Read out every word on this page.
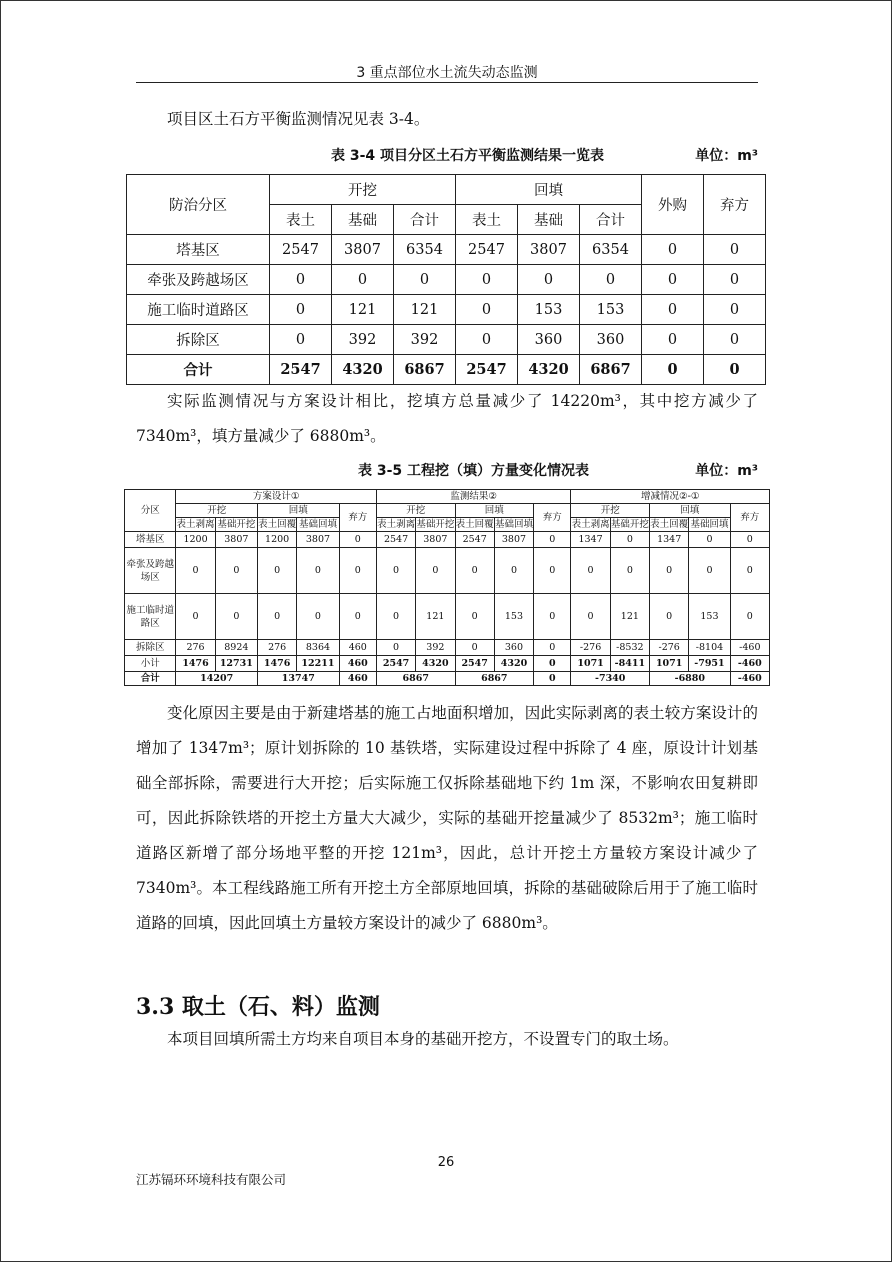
3 重点部位水土流失动态监测
项目区土石方平衡监测情况见表 3-4。
表 3-4 项目分区土石方平衡监测结果一览表	单位：m³
防治分区	开挖			回填			外购	弃方
	表土	基础	合计	表土	基础	合计		
塔基区	2547	3807	6354	2547	3807	6354	0	0
牵张及跨越场区	0	0	0	0	0	0	0	0
施工临时道路区	0	121	121	0	153	153	0	0
拆除区	0	392	392	0	360	360	0	0
合计	2547	4320	6867	2547	4320	6867	0	0
实际监测情况与方案设计相比，挖填方总量减少了 14220m³，其中挖方减少了 7340m³，填方量减少了 6880m³。
表 3-5 工程挖（填）方量变化情况表	单位：m³
分区	方案设计①					监测结果②					增减情况②-①				
	开挖		回填		弃方	开挖		回填		弃方	开挖		回填		弃方
	表土剥离	基础开挖	表土回覆	基础回填		表土剥离	基础开挖	表土回覆	基础回填		表土剥离	基础开挖	表土回覆	基础回填	
塔基区	1200	3807	1200	3807	0	2547	3807	2547	3807	0	1347	0	1347	0	0
牵张及跨越场区	0	0	0	0	0	0	0	0	0	0	0	0	0	0	0
施工临时道路区	0	0	0	0	0	0	121	0	153	0	0	121	0	153	0
拆除区	276	8924	276	8364	460	0	392	0	360	0	-276	-8532	-276	-8104	-460
小计	1476	12731	1476	12211	460	2547	4320	2547	4320	0	1071	-8411	1071	-7951	-460
合计	14207		13747		460	6867		6867		0	-7340		-6880		-460
变化原因主要是由于新建塔基的施工占地面积增加，因此实际剥离的表土较方案设计的增加了 1347m³；原计划拆除的 10 基铁塔，实际建设过程中拆除了 4 座，原设计计划基础全部拆除，需要进行大开挖；后实际施工仅拆除基础地下约 1m 深，不影响农田复耕即可，因此拆除铁塔的开挖土方量大大减少，实际的基础开挖量减少了 8532m³；施工临时道路区新增了部分场地平整的开挖 121m³，因此，总计开挖土方量较方案设计减少了 7340m³。本工程线路施工所有开挖土方全部原地回填，拆除的基础破除后用于了施工临时道路的回填，因此回填土方量较方案设计的减少了 6880m³。
3.3 取土（石、料）监测
本项目回填所需土方均来自项目本身的基础开挖方，不设置专门的取土场。
26
江苏镉环环境科技有限公司
